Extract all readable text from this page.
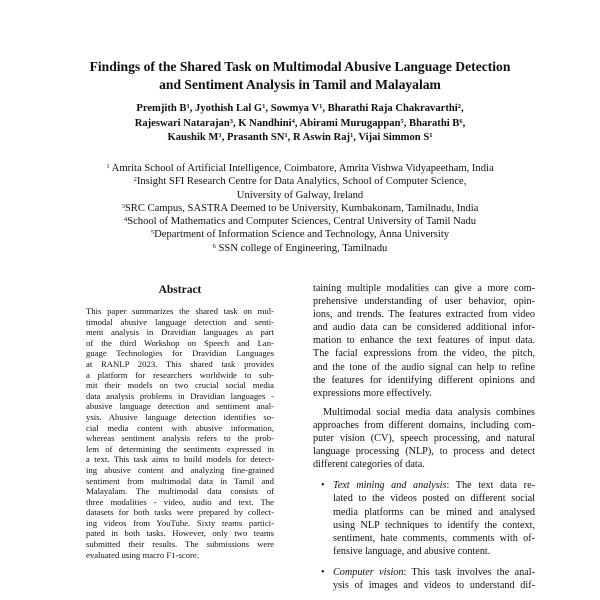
Findings of the Shared Task on Multimodal Abusive Language Detection
and Sentiment Analysis in Tamil and Malayalam
Premjith $B^1$, Jyothish Lal $G^1$, Sowmya $V^1$, Bharathi Raja Chakravarthi$^2$,
Rajeswari Natarajan$^3$, K Nandhini$^4$, Abirami Murugappan$^5$, Bharathi $B^6$,
Kaushik $M^1$, Prasanth $SN^1$, R Aswin Raj$^1$, Vijai Simmon $S^1$
$^1$ Amrita School of Artificial Intelligence, Coimbatore, Amrita Vishwa Vidyapeetham, India
$^2$Insight SFI Research Centre for Data Analytics, School of Computer Science,
University of Galway, Ireland
$^3$SRC Campus, SASTRA Deemed to be University, Kumbakonam, Tamilnadu, India
$^4$School of Mathematics and Computer Sciences, Central University of Tamil Nadu
$^5$Department of Information Science and Technology, Anna University
$^6$ SSN college of Engineering, Tamilnadu
Abstract
This paper summarizes the shared task on mul-
timodal abusive language detection and senti-
ment analysis in Dravidian languages as part
of the third Workshop on Speech and Lan-
guage Technologies for Dravidian Languages
at RANLP 2023. This shared task provides
a platform for researchers worldwide to sub-
mit their models on two crucial social media
data analysis problems in Dravidian languages -
abusive language detection and sentiment anal-
ysis. Abusive language detection identifies so-
cial media content with abusive information,
whereas sentiment analysis refers to the prob-
lem of determining the sentiments expressed in
a text. This task aims to build models for detect-
ing abusive content and analyzing fine-grained
sentiment from multimodal data in Tamil and
Malayalam. The multimodal data consists of
three modalities - video, audio and text. The
datasets for both tasks were prepared by collect-
ing videos from YouTube. Sixty teams partici-
pated in both tasks. However, only two teams
submitted their results. The submissions were
evaluated using macro F1-score.
taining multiple modalities can give a more com-
prehensive understanding of user behavior, opin-
ions, and trends. The features extracted from video
and audio data can be considered additional infor-
mation to enhance the text features of input data.
The facial expressions from the video, the pitch,
and the tone of the audio signal can help to refine
the features for identifying different opinions and
expressions more effectively.
Multimodal social media data analysis combines
approaches from different domains, including com-
puter vision (CV), speech processing, and natural
language processing (NLP), to process and detect
different categories of data.
• Text mining and analysis: The text data re-
lated to the videos posted on different social
media platforms can be mined and analysed
using NLP techniques to identify the context,
sentiment, hate comments, comments with of-
fensive language, and abusive content.
• Computer vision: This task involves the anal-
ysis of images and videos to understand dif-
